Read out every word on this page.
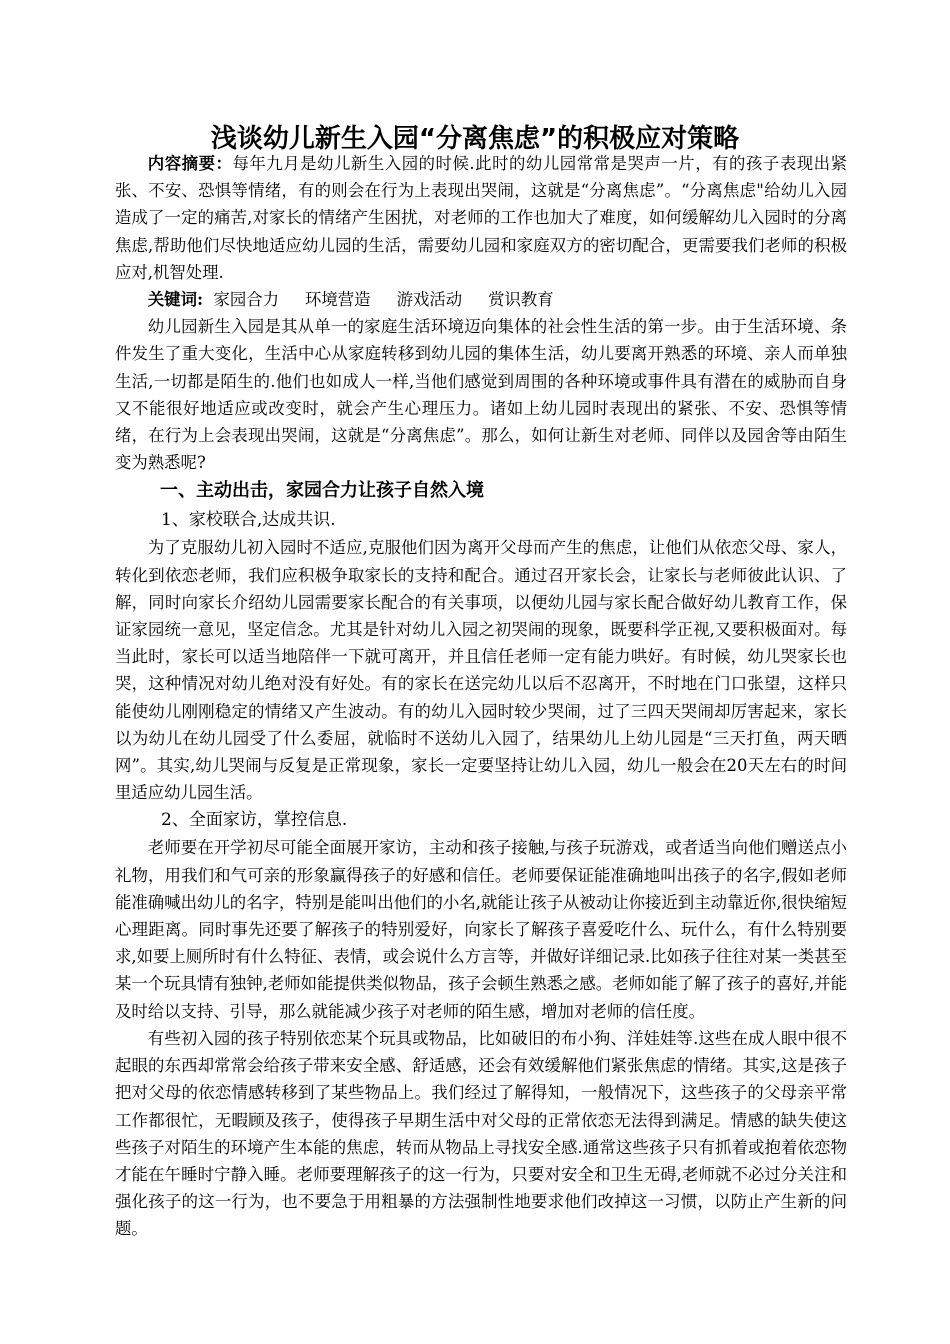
浅谈幼儿新生入园“分离焦虑”的积极应对策略

内容摘要：每年九月是幼儿新生入园的时候.此时的幼儿园常常是哭声一片，有的孩子表现出紧张、不安、恐惧等情绪，有的则会在行为上表现出哭闹，这就是“分离焦虑”。“分离焦虑"给幼儿入园造成了一定的痛苦,对家长的情绪产生困扰，对老师的工作也加大了难度，如何缓解幼儿入园时的分离焦虑,帮助他们尽快地适应幼儿园的生活，需要幼儿园和家庭双方的密切配合，更需要我们老师的积极应对,机智处理.

关键词: 家园合力 环境营造 游戏活动 赏识教育

幼儿园新生入园是其从单一的家庭生活环境迈向集体的社会性生活的第一步。由于生活环境、条件发生了重大变化，生活中心从家庭转移到幼儿园的集体生活，幼儿要离开熟悉的环境、亲人而单独生活,一切都是陌生的.他们也如成人一样,当他们感觉到周围的各种环境或事件具有潜在的威胁而自身又不能很好地适应或改变时，就会产生心理压力。诸如上幼儿园时表现出的紧张、不安、恐惧等情绪，在行为上会表现出哭闹，这就是“分离焦虑”。那么，如何让新生对老师、同伴以及园舍等由陌生变为熟悉呢?

一、主动出击，家园合力让孩子自然入境
1、家校联合,达成共识.

为了克服幼儿初入园时不适应,克服他们因为离开父母而产生的焦虑，让他们从依恋父母、家人，转化到依恋老师，我们应积极争取家长的支持和配合。通过召开家长会，让家长与老师彼此认识、了解，同时向家长介绍幼儿园需要家长配合的有关事项，以便幼儿园与家长配合做好幼儿教育工作，保证家园统一意见，坚定信念。尤其是针对幼儿入园之初哭闹的现象，既要科学正视,又要积极面对。每当此时，家长可以适当地陪伴一下就可离开，并且信任老师一定有能力哄好。有时候，幼儿哭家长也哭，这种情况对幼儿绝对没有好处。有的家长在送完幼儿以后不忍离开，不时地在门口张望，这样只能使幼儿刚刚稳定的情绪又产生波动。有的幼儿入园时较少哭闹，过了三四天哭闹却厉害起来，家长以为幼儿在幼儿园受了什么委屈，就临时不送幼儿入园了，结果幼儿上幼儿园是“三天打鱼，两天晒网”。其实,幼儿哭闹与反复是正常现象，家长一定要坚持让幼儿入园，幼儿一般会在20天左右的时间里适应幼儿园生活。

2、全面家访，掌控信息.

老师要在开学初尽可能全面展开家访，主动和孩子接触,与孩子玩游戏，或者适当向他们赠送点小礼物，用我们和气可亲的形象赢得孩子的好感和信任。老师要保证能准确地叫出孩子的名字,假如老师能准确喊出幼儿的名字，特别是能叫出他们的小名,就能让孩子从被动让你接近到主动靠近你,很快缩短心理距离。同时事先还要了解孩子的特别爱好，向家长了解孩子喜爱吃什么、玩什么，有什么特别要求,如要上厕所时有什么特征、表情，或会说什么方言等，并做好详细记录.比如孩子往往对某一类甚至某一个玩具情有独钟,老师如能提供类似物品，孩子会顿生熟悉之感。老师如能了解了孩子的喜好,并能及时给以支持、引导，那么就能减少孩子对老师的陌生感，增加对老师的信任度。

有些初入园的孩子特别依恋某个玩具或物品，比如破旧的布小狗、洋娃娃等.这些在成人眼中很不起眼的东西却常常会给孩子带来安全感、舒适感，还会有效缓解他们紧张焦虑的情绪。其实,这是孩子把对父母的依恋情感转移到了某些物品上。我们经过了解得知，一般情况下，这些孩子的父母亲平常工作都很忙，无暇顾及孩子，使得孩子早期生活中对父母的正常依恋无法得到满足。情感的缺失使这些孩子对陌生的环境产生本能的焦虑，转而从物品上寻找安全感.通常这些孩子只有抓着或抱着依恋物才能在午睡时宁静入睡。老师要理解孩子的这一行为，只要对安全和卫生无碍,老师就不必过分关注和强化孩子的这一行为，也不要急于用粗暴的方法强制性地要求他们改掉这一习惯，以防止产生新的问题。
